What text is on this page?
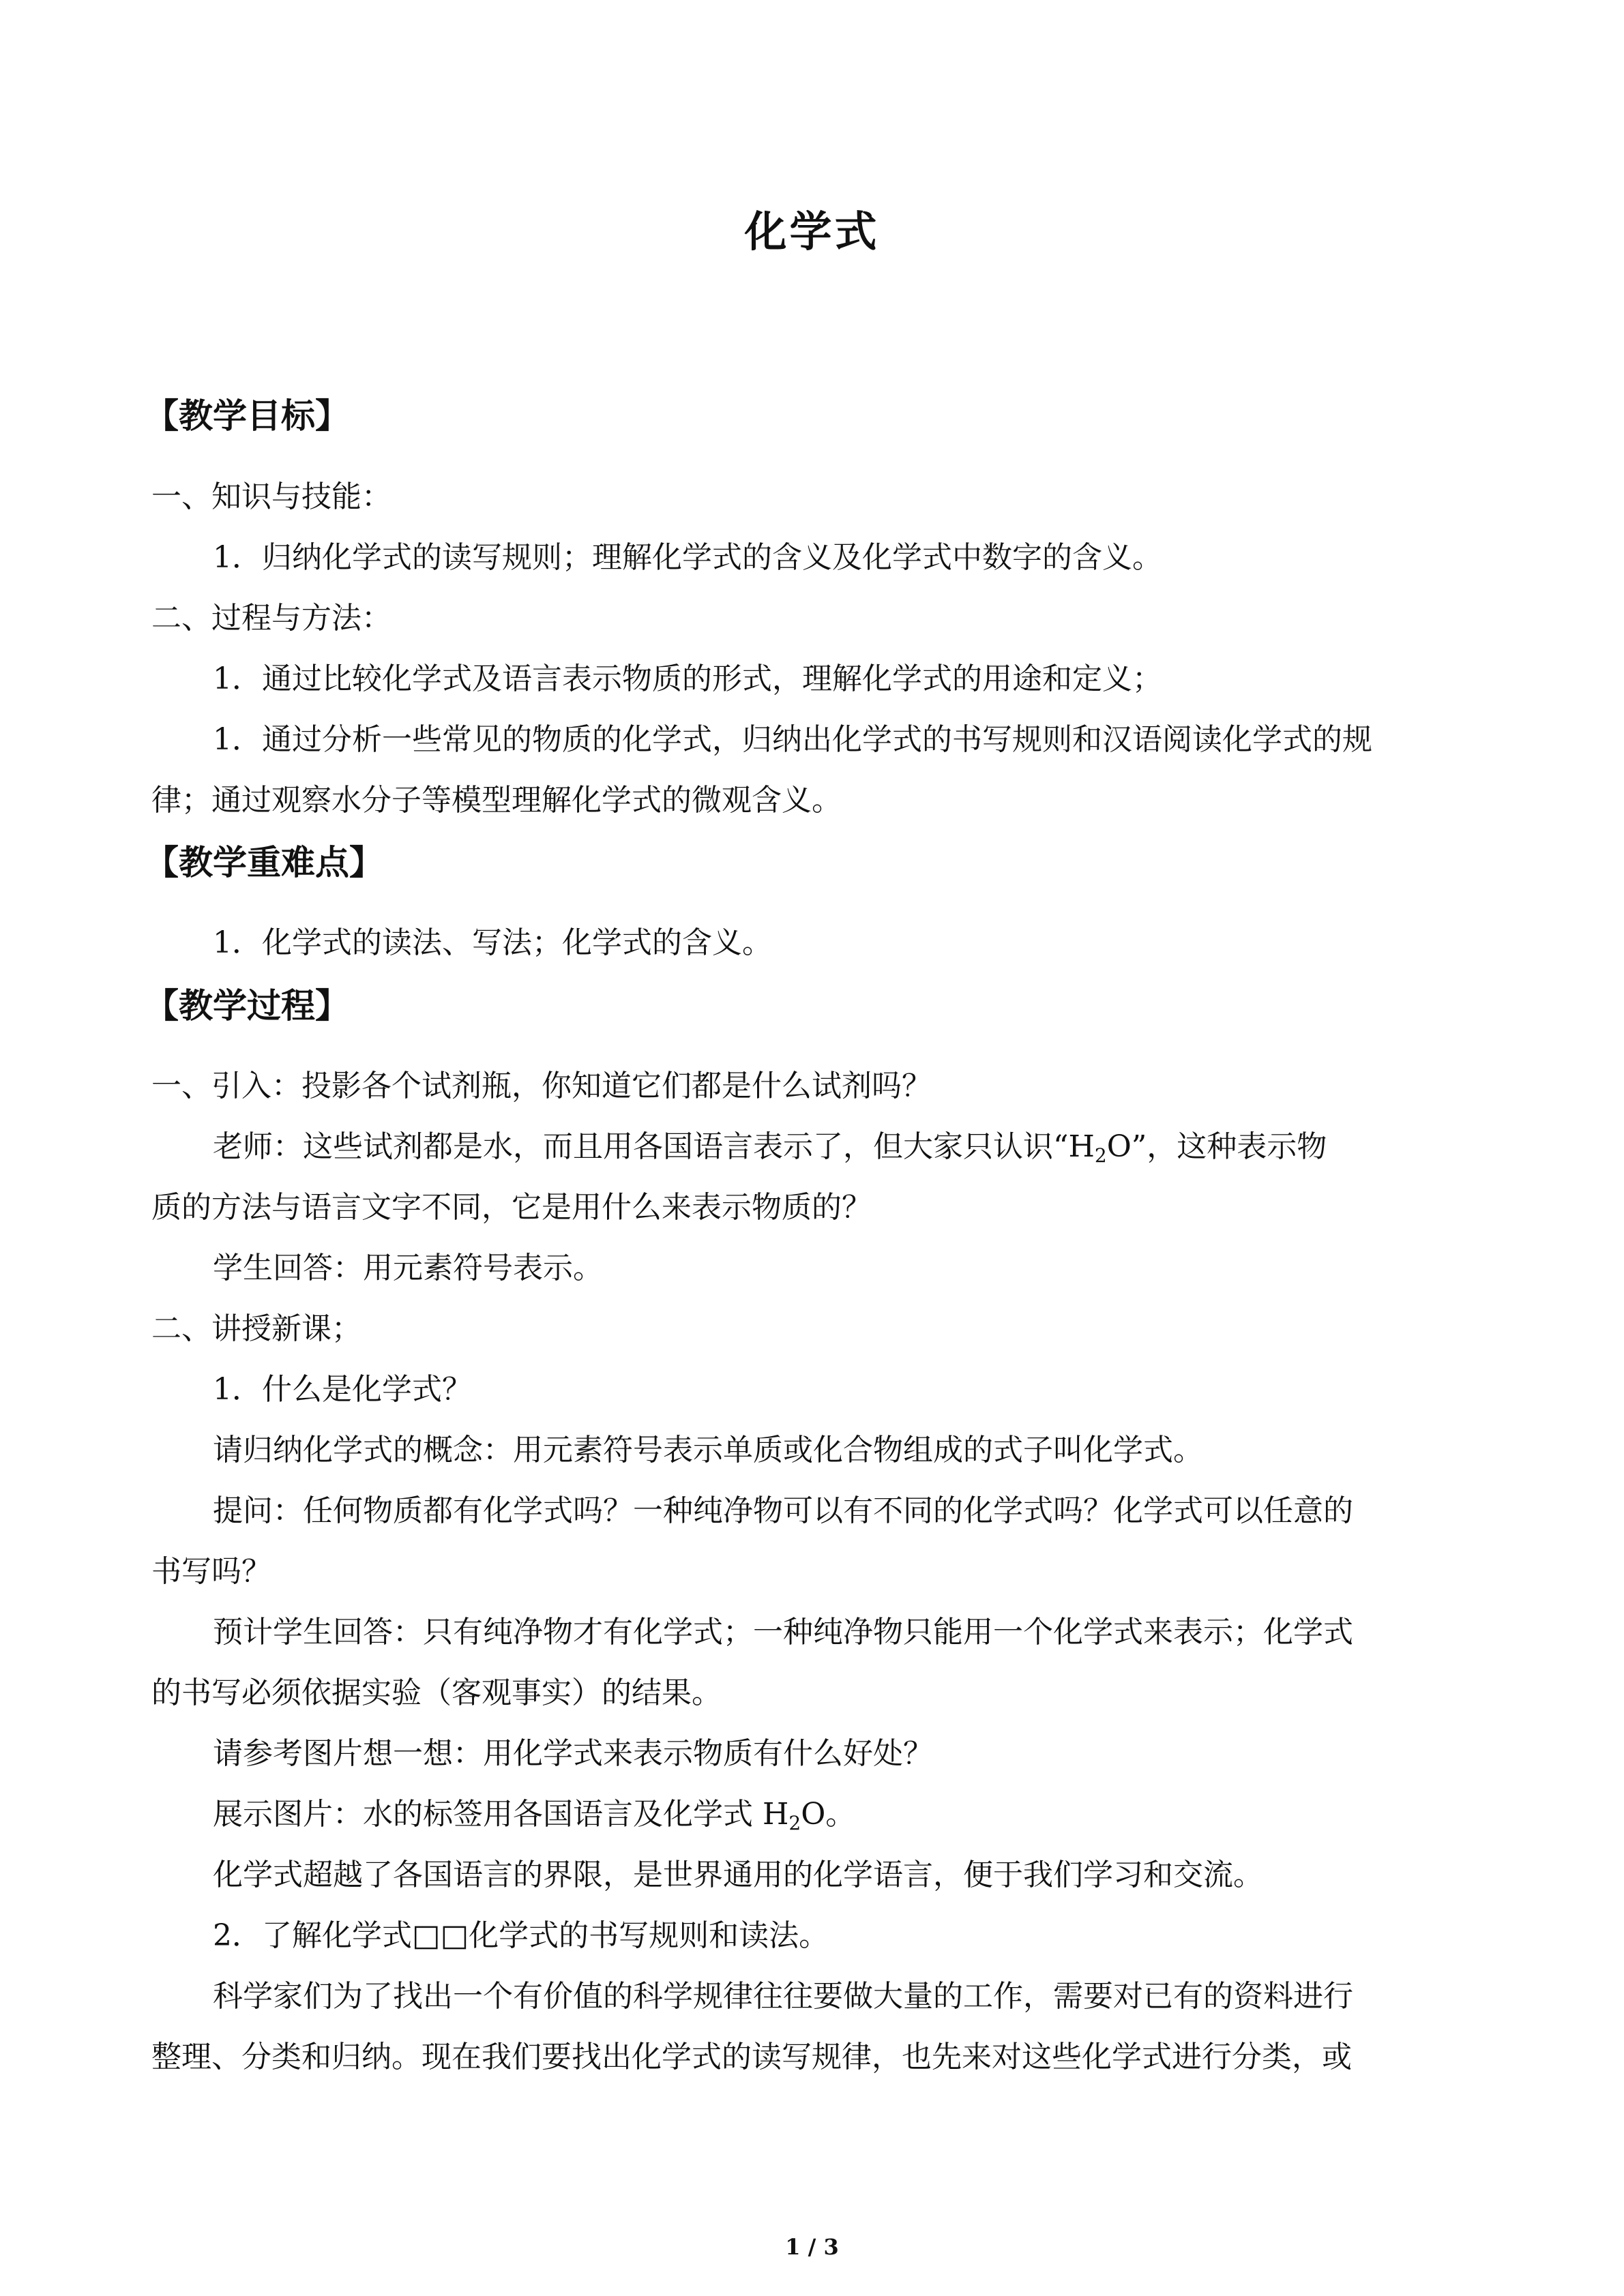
化学式
【教学目标】
一、知识与技能：
1．归纳化学式的读写规则；理解化学式的含义及化学式中数字的含义。
二、过程与方法：
1．通过比较化学式及语言表示物质的形式，理解化学式的用途和定义；
1．通过分析一些常见的物质的化学式，归纳出化学式的书写规则和汉语阅读化学式的规
律；通过观察水分子等模型理解化学式的微观含义。
【教学重难点】
1．化学式的读法、写法；化学式的含义。
【教学过程】
一、引入：投影各个试剂瓶，你知道它们都是什么试剂吗？
老师：这些试剂都是水，而且用各国语言表示了，但大家只认识“$H_2O$”，这种表示物
质的方法与语言文字不同，它是用什么来表示物质的？
学生回答：用元素符号表示。
二、讲授新课；
1．什么是化学式？
请归纳化学式的概念：用元素符号表示单质或化合物组成的式子叫化学式。
提问：任何物质都有化学式吗？一种纯净物可以有不同的化学式吗？化学式可以任意的
书写吗？
预计学生回答：只有纯净物才有化学式；一种纯净物只能用一个化学式来表示；化学式
的书写必须依据实验（客观事实）的结果。
请参考图片想一想：用化学式来表示物质有什么好处？
展示图片：水的标签用各国语言及化学式 $H_2O$。
化学式超越了各国语言的界限，是世界通用的化学语言，便于我们学习和交流。
2．了解化学式□□化学式的书写规则和读法。
科学家们为了找出一个有价值的科学规律往往要做大量的工作，需要对已有的资料进行
整理、分类和归纳。现在我们要找出化学式的读写规律，也先来对这些化学式进行分类，或
1 / 3
